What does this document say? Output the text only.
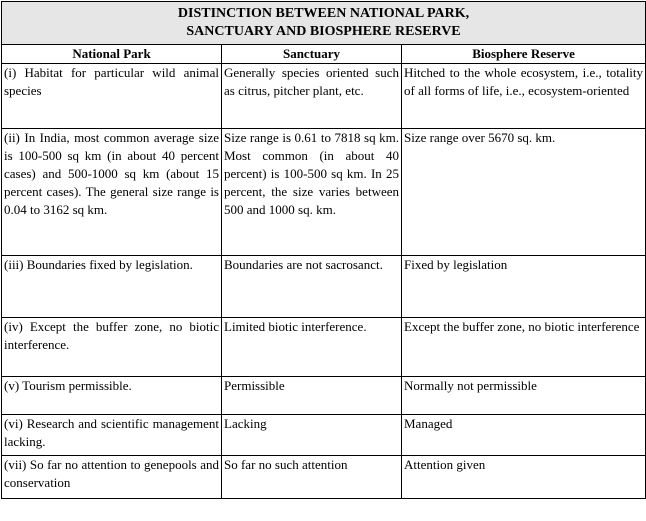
DISTINCTION BETWEEN NATIONAL PARK,
SANCTUARY AND BIOSPHERE RESERVE		

National Park	Sanctuary	Biosphere Reserve
(i) Habitat for particular wild animal species	Generally species oriented such as citrus, pitcher plant, etc.	Hitched to the whole ecosystem, i.e., totality of all forms of life, i.e., ecosystem-oriented
(ii) In India, most common average size is 100-500 sq km (in about 40 percent cases) and 500-1000 sq km (about 15 percent cases). The general size range is 0.04 to 3162 sq km.	Size range is 0.61 to 7818 sq km. Most common (in about 40 percent) is 100-500 sq km. In 25 percent, the size varies between 500 and 1000 sq. km.	Size range over 5670 sq. km.
(iii) Boundaries fixed by legislation.	Boundaries are not sacrosanct.	Fixed by legislation
(iv) Except the buffer zone, no biotic interference.	Limited biotic interference.	Except the buffer zone, no biotic interference
(v) Tourism permissible.	Permissible	Normally not permissible
(vi) Research and scientific management lacking.	Lacking	Managed
(vii) So far no attention to genepools and conservation	So far no such attention	Attention given
